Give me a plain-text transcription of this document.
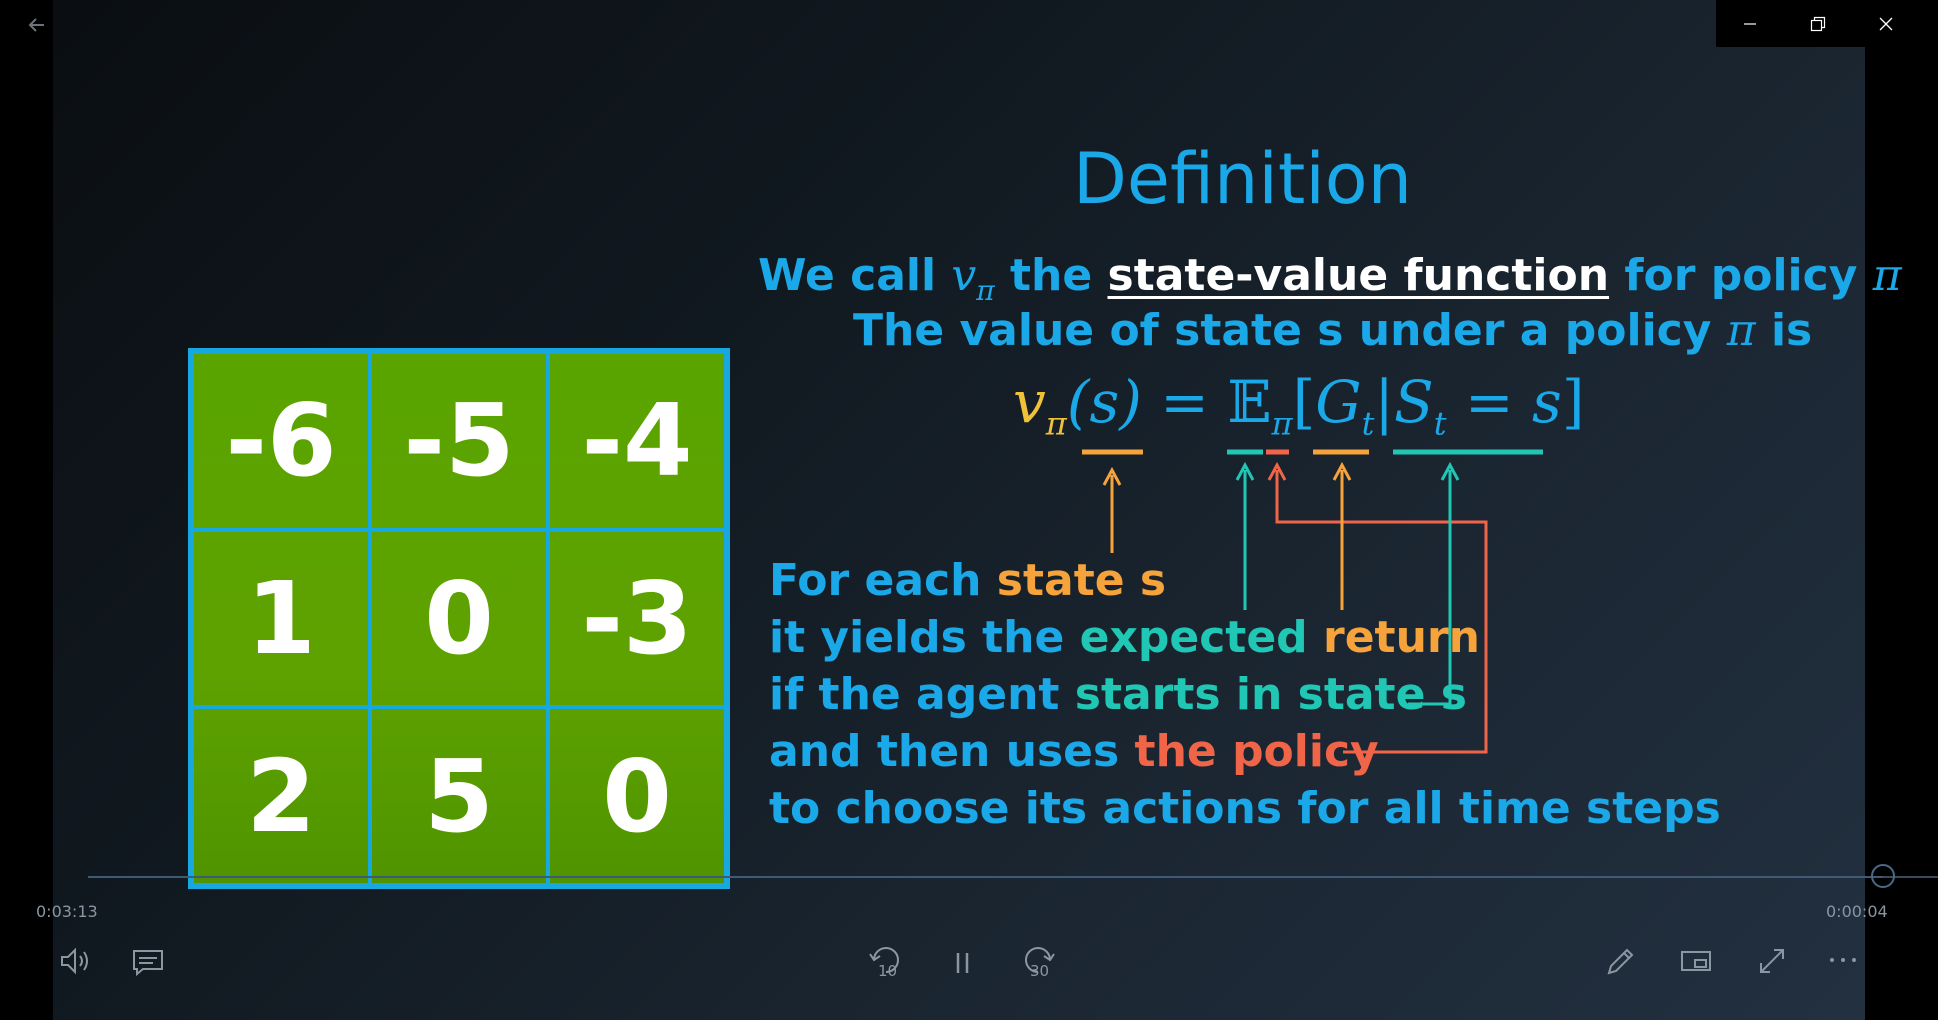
Definition
We call $v_\pi$ the state-value function for policy π
The value of state s under a policy π is
$v_\pi(s)$ = $𝔼_\pi[G_t|S_t = s]$
For each state s
it yields the expected return
if the agent starts in state s
and then uses the policy
to choose its actions for all time steps
-6 -5 -4
1	0 -3
2	5	0
0:03:13	0:00:04
10	30
